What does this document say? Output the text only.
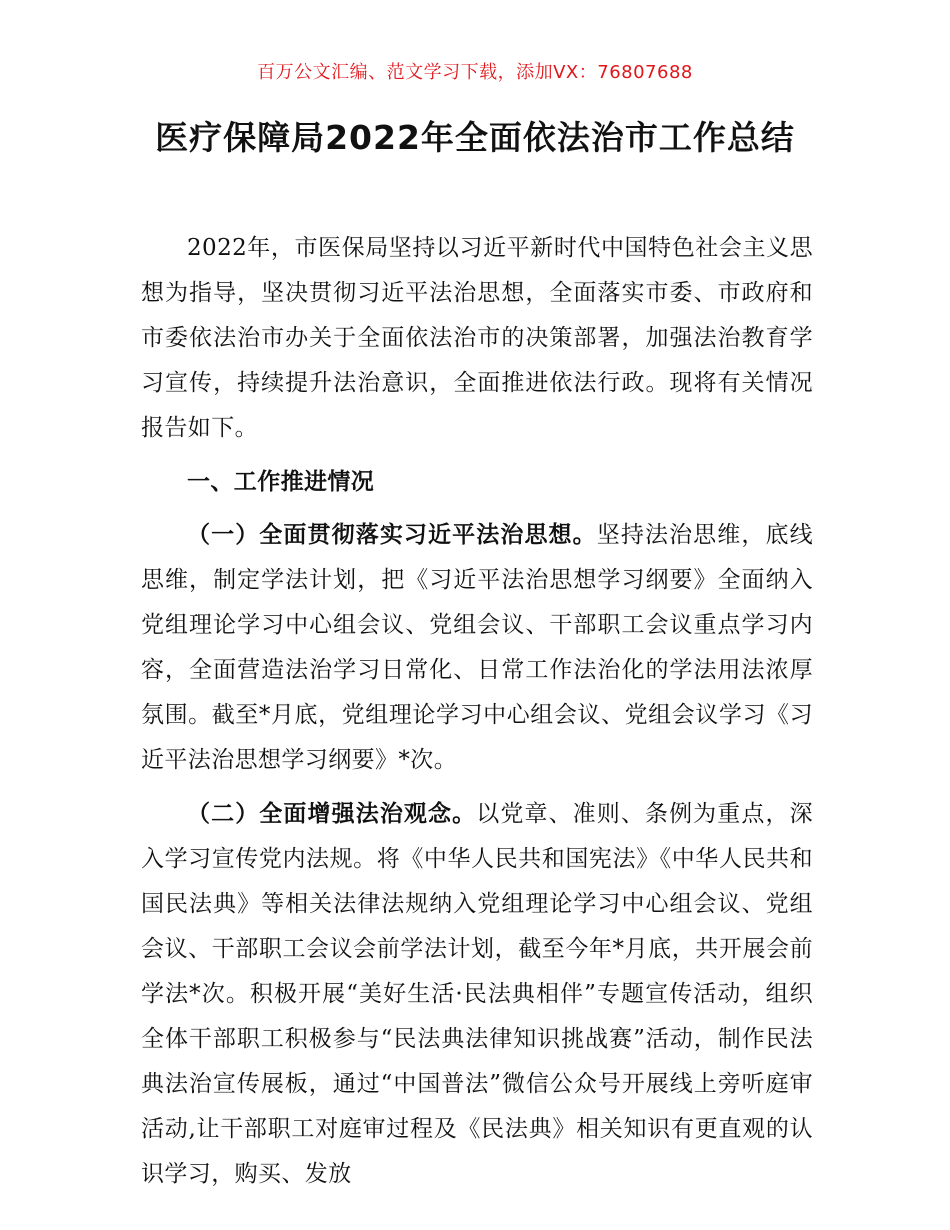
百万公文汇编、范文学习下载，添加VX：76807688
医疗保障局2022年全面依法治市工作总结

2022年，市医保局坚持以习近平新时代中国特色社会主义思想为指导，坚决贯彻习近平法治思想，全面落实市委、市政府和市委依法治市办关于全面依法治市的决策部署，加强法治教育学习宣传，持续提升法治意识，全面推进依法行政。现将有关情况报告如下。

一、工作推进情况

（一）全面贯彻落实习近平法治思想。坚持法治思维，底线思维，制定学法计划，把《习近平法治思想学习纲要》全面纳入党组理论学习中心组会议、党组会议、干部职工会议重点学习内容，全面营造法治学习日常化、日常工作法治化的学法用法浓厚氛围。截至*月底，党组理论学习中心组会议、党组会议学习《习近平法治思想学习纲要》*次。

（二）全面增强法治观念。以党章、准则、条例为重点，深入学习宣传党内法规。将《中华人民共和国宪法》《中华人民共和国民法典》等相关法律法规纳入党组理论学习中心组会议、党组会议、干部职工会议会前学法计划，截至今年*月底，共开展会前学法*次。积极开展“美好生活·民法典相伴”专题宣传活动，组织全体干部职工积极参与“民法典法律知识挑战赛”活动，制作民法典法治宣传展板，通过“中国普法”微信公众号开展线上旁听庭审活动,让干部职工对庭审过程及《民法典》相关知识有更直观的认识学习，购买、发放
